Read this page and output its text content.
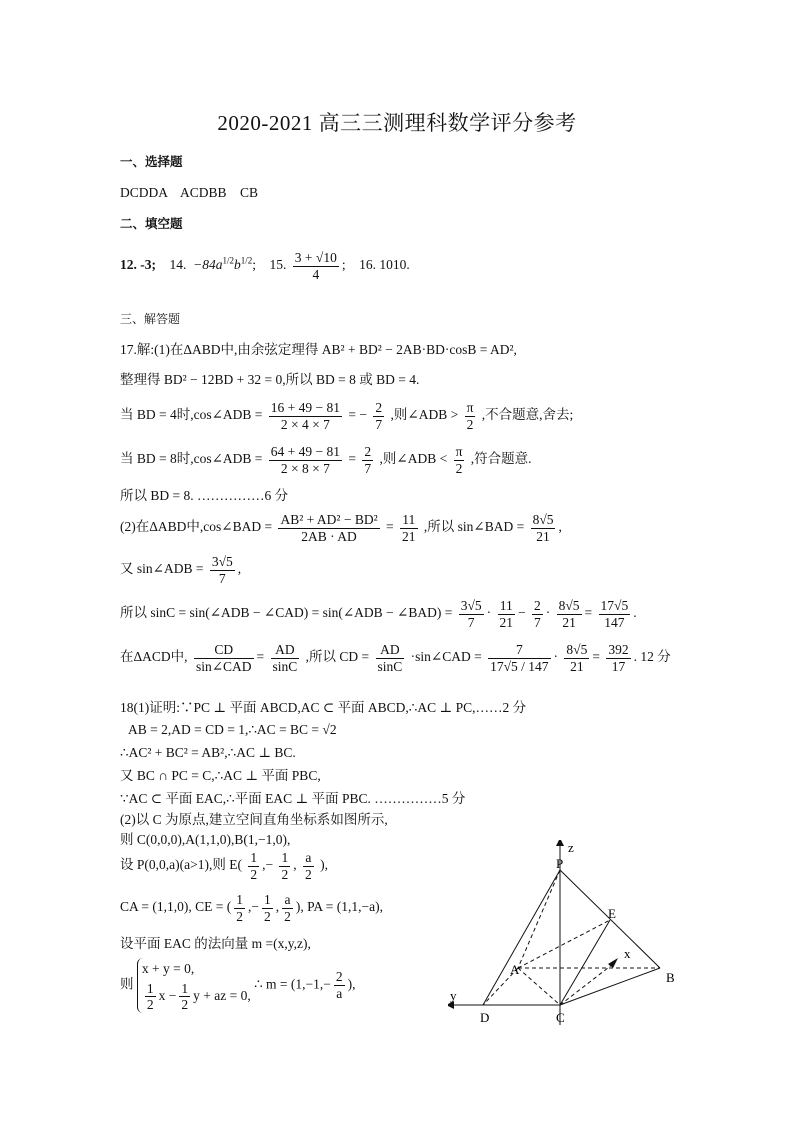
2020-2021 高三三测理科数学评分参考
一、选择题
DCDDA    ACDBB    CB
二、填空题
12. -3; 14. $-84a^{1/2}b^{1/2}$;    15. $\frac{3 + √10}{4}$ ;    16. 1010.
三、解答题
17.解:(1)在ΔABD中,由余弦定理得 AB² + BD² − 2AB·BD·cosB = AD²,
整理得 BD² − 12BD + 32 = 0,所以 BD = 8 或 BD = 4.
当 BD = 4时,cos∠ADB = $\frac{16 + 49 - 81}{2 \times 4 \times 7}$ = − $\frac{2}{7}$ ,则∠ADB > $\frac{\pi}{2}$ ,不合题意,舍去;
当 BD = 8时,cos∠ADB = $\frac{64 + 49 - 81}{2 \times 8 \times 7} = \frac{2}{7}$ ,则∠ADB < $\frac{\pi}{2}$ ,符合题意.
所以 BD = 8. ……………6 分
(2)在ΔABD中,cos∠BAD = $\frac{\text{AB² + AD² − BD²}}{2AB \cdot AD} = \frac{11}{21}$ ,所以 sin∠BAD = $\frac{8√5}{21}$ ,
又 sin∠ADB = $\frac{3√5}{7}$ ,
所以 sinC = sin(∠ADB − ∠CAD) = sin(∠ADB − ∠BAD) = $\frac{3√5}{7} \cdot \frac{11}{21} - \frac{2}{7} \cdot \frac{8√5}{21} = \frac{17√5}{147}$ .
在ΔACD中, $\frac{CD}{\text{sin∠CAD}} = \frac{AD}{\sin C}$ ,所以 CD = $\frac{AD}{\sin C}$ ·sin∠CAD = $\frac{7}{17√5 / 147} \cdot \frac{8√5}{21} = \frac{392}{17}$ . 12 分
18(1)证明:∵PC ⊥ 平面 ABCD,AC ⊂ 平面 ABCD,∴AC ⊥ PC,……2 分
AB = 2,AD = CD = 1,∴AC = BC = √2
∴AC² + BC² = AB²,∴AC ⊥ BC.
又 BC ∩ PC = C,∴AC ⊥ 平面 PBC,
∵AC ⊂ 平面 EAC,∴平面 EAC ⊥ 平面 PBC. ……………5 分
(2)以 C 为原点,建立空间直角坐标系如图所示,
则 C(0,0,0),A(1,1,0),B(1,−1,0),
设 P(0,0,a)(a>1),则 $E( \frac{1}{2}$ ,− $\frac{1}{2}$ , $\frac{a}{2}$ ),
CA = (1,1,0), CE = ( $\frac{1}{2}$ ,− $\frac{1}{2}$ , $\frac{a}{2}$ ), PA = (1,1,−a),
设平面 EAC 的法向量 m =(x,y,z),
则
x + y = 0,
$\frac{1}{2}$ $x - \frac{1}{2}$ y + az = 0,
∴ $m = (1,-1,- \frac{2}{a}$ ),
z
P
E
A
x
B
y
D	C
